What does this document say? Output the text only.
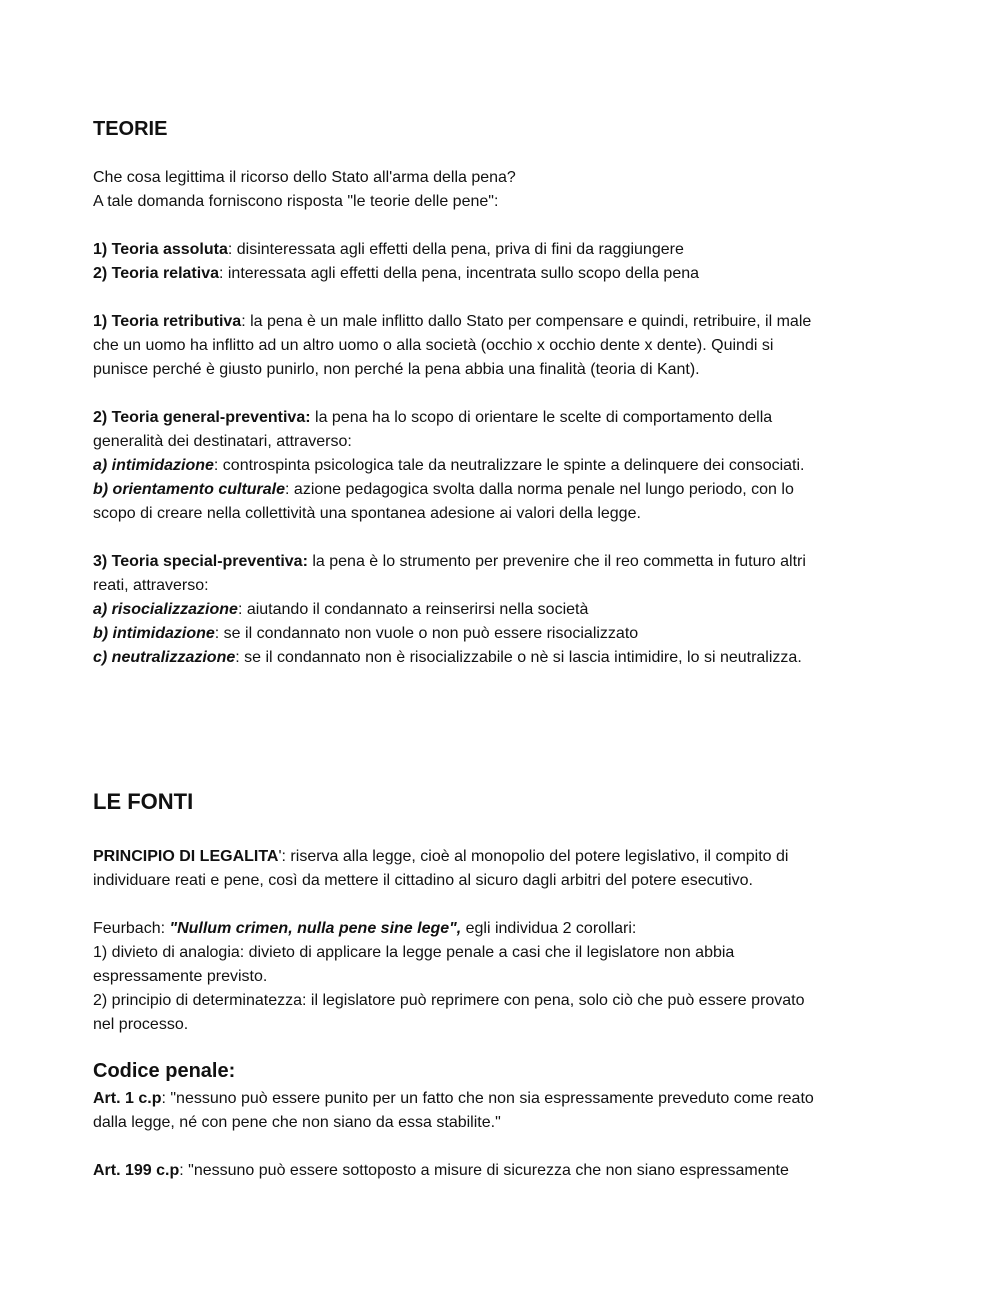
TEORIE
Che cosa legittima il ricorso dello Stato all'arma della pena?
A tale domanda forniscono risposta "le teorie delle pene":
1) Teoria assoluta: disinteressata agli effetti della pena, priva di fini da raggiungere
2) Teoria relativa: interessata agli effetti della pena, incentrata sullo scopo della pena
1) Teoria retributiva: la pena è un male inflitto dallo Stato per compensare e quindi, retribuire, il male
che un uomo ha inflitto ad un altro uomo o alla società (occhio x occhio dente x dente). Quindi si
punisce perché è giusto punirlo, non perché la pena abbia una finalità (teoria di Kant).
2) Teoria general-preventiva: la pena ha lo scopo di orientare le scelte di comportamento della
generalità dei destinatari, attraverso:
a) intimidazione: controspinta psicologica tale da neutralizzare le spinte a delinquere dei consociati.
b) orientamento culturale: azione pedagogica svolta dalla norma penale nel lungo periodo, con lo
scopo di creare nella collettività una spontanea adesione ai valori della legge.
3) Teoria special-preventiva: la pena è lo strumento per prevenire che il reo commetta in futuro altri
reati, attraverso:
a) risocializzazione: aiutando il condannato a reinserirsi nella società
b) intimidazione: se il condannato non vuole o non può essere risocializzato
c) neutralizzazione: se il condannato non è risocializzabile o nè si lascia intimidire, lo si neutralizza.
LE FONTI
PRINCIPIO DI LEGALITA': riserva alla legge, cioè al monopolio del potere legislativo, il compito di
individuare reati e pene, così da mettere il cittadino al sicuro dagli arbitri del potere esecutivo.
Feurbach: "Nullum crimen, nulla pene sine lege", egli individua 2 corollari:
1) divieto di analogia: divieto di applicare la legge penale a casi che il legislatore non abbia
espressamente previsto.
2) principio di determinatezza: il legislatore può reprimere con pena, solo ciò che può essere provato
nel processo.
Codice penale:
Art. 1 c.p: "nessuno può essere punito per un fatto che non sia espressamente preveduto come reato
dalla legge, né con pene che non siano da essa stabilite."
Art. 199 c.p: "nessuno può essere sottoposto a misure di sicurezza che non siano espressamente
